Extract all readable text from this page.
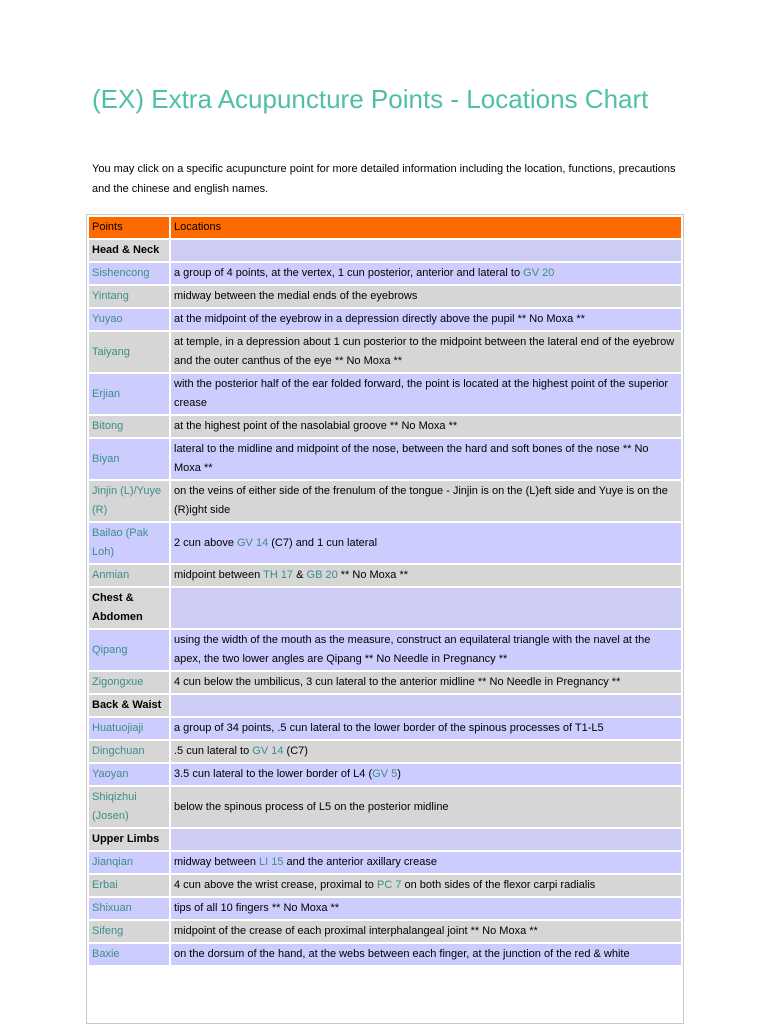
(EX) Extra Acupuncture Points - Locations Chart

You may click on a specific acupuncture point for more detailed information including the location, functions, precautions and the chinese and english names.

Points	Locations
Head & Neck	
Sishencong	a group of 4 points, at the vertex, 1 cun posterior, anterior and lateral to GV 20
Yintang	midway between the medial ends of the eyebrows
Yuyao	at the midpoint of the eyebrow in a depression directly above the pupil ** No Moxa **
Taiyang	at temple, in a depression about 1 cun posterior to the midpoint between the lateral end of the eyebrow and the outer canthus of the eye ** No Moxa **
Erjian	with the posterior half of the ear folded forward, the point is located at the highest point of the superior crease
Bitong	at the highest point of the nasolabial groove ** No Moxa **
Biyan	lateral to the midline and midpoint of the nose, between the hard and soft bones of the nose ** No Moxa **
Jinjin (L)/Yuye (R)	on the veins of either side of the frenulum of the tongue - Jinjin is on the (L)eft side and Yuye is on the (R)ight side
Bailao (Pak Loh)	2 cun above GV 14 (C7) and 1 cun lateral
Anmian	midpoint between TH 17 & GB 20 ** No Moxa **
Chest & Abdomen	
Qipang	using the width of the mouth as the measure, construct an equilateral triangle with the navel at the apex, the two lower angles are Qipang ** No Needle in Pregnancy **
Zigongxue	4 cun below the umbilicus, 3 cun lateral to the anterior midline ** No Needle in Pregnancy **
Back & Waist	
Huatuojiaji	a group of 34 points, .5 cun lateral to the lower border of the spinous processes of T1-L5
Dingchuan	.5 cun lateral to GV 14 (C7)
Yaoyan	3.5 cun lateral to the lower border of L4 (GV 5)
Shiqizhui (Josen)	below the spinous process of L5 on the posterior midline
Upper Limbs	
Jianqian	midway between LI 15 and the anterior axillary crease
Erbai	4 cun above the wrist crease, proximal to PC 7 on both sides of the flexor carpi radialis
Shixuan	tips of all 10 fingers ** No Moxa **
Sifeng	midpoint of the crease of each proximal interphalangeal joint ** No Moxa **
Baxie	on the dorsum of the hand, at the webs between each finger, at the junction of the red & white
